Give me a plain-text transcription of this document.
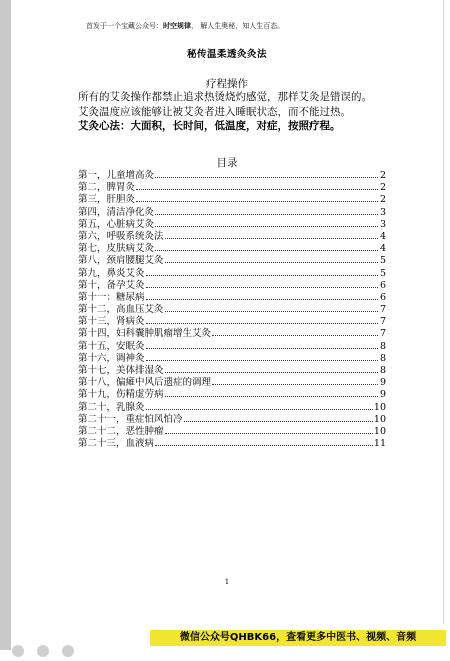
首发于一个宝藏公众号：时空规律， 解人生奥秘，知人生百态。
秘传温柔透灸灸法
疗程操作
所有的艾灸操作都禁止追求热烫烧灼感觉，那样艾灸是错误的。
艾灸温度应该能够让被艾灸者进入睡眠状态，而不能过热。
艾灸心法：大面积，长时间，低温度，对症，按照疗程。
目录
第一，儿童增高灸	2
第二，脾胃灸	2
第三，肝胆灸	2
第四，清洁净化灸	3
第五，心脏病艾灸	3
第六，呼吸系统灸法	4
第七，皮肤病艾灸	4
第八，颈肩腰腿艾灸	5
第九，鼻炎艾灸	5
第十，备孕艾灸	6
第十一：糖尿病	6
第十二，高血压艾灸	7
第十三，肾病灸	7
第十四，妇科囊肿肌瘤增生艾灸	7
第十五，安眠灸	8
第十六，调神灸	8
第十七，美体排湿灸	8
第十八，偏瘫中风后遗症的调理	9
第十九，伤精虚劳病	9
第二十，乳腺灸	10
第二十一，重症怕风怕冷	10
第二十二，恶性肿瘤	10
第二十三，血液病	11
1
微信公众号QHBK66，查看更多中医书、视频、音频
